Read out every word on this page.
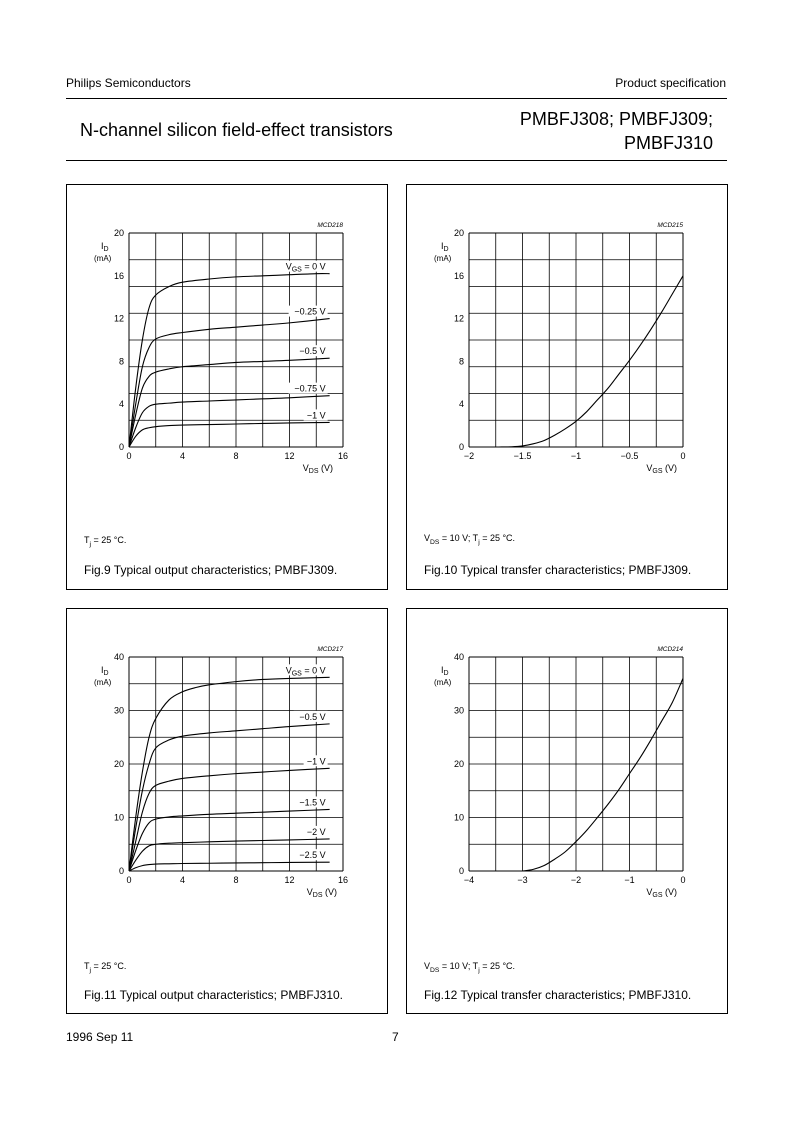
Philips Semiconductors	Product specification
N-channel silicon field-effect transistors
PMBFJ308; PMBFJ309;
PMBFJ310
0	4	8	12	16
0
4
8
12
16
20
MCD218
$I_D$
(mA)
$V_{DS}$ (V)
$V_{GS} = 0$ V
−0.25 V
−0.5 V
−0.75 V
−1 V
$T_j = 25$ °C.
Fig.9 Typical output characteristics; PMBFJ309.
−2	−1.5	−1	−0.5	0
0
4
8
12
16
20
MCD215
$I_D$
(mA)
$V_{GS}$ (V)
$V_{DS} = 10$ V; $T_j = 25$ °C.
Fig.10 Typical transfer characteristics; PMBFJ309.
0	4	8	12	16
0
10
20
30
40
MCD217
$I_D$
(mA)
$V_{DS}$ (V)
$V_{GS} = 0$ V
−0.5 V
−1 V
−1.5 V
−2 V
−2.5 V
$T_j = 25$ °C.
Fig.11 Typical output characteristics; PMBFJ310.
−4	−3	−2	−1	0
0
10
20
30
40
MCD214
$I_D$
(mA)
$V_{GS}$ (V)
$V_{DS} = 10$ V; $T_j = 25$ °C.
Fig.12 Typical transfer characteristics; PMBFJ310.
1996 Sep 11	7
